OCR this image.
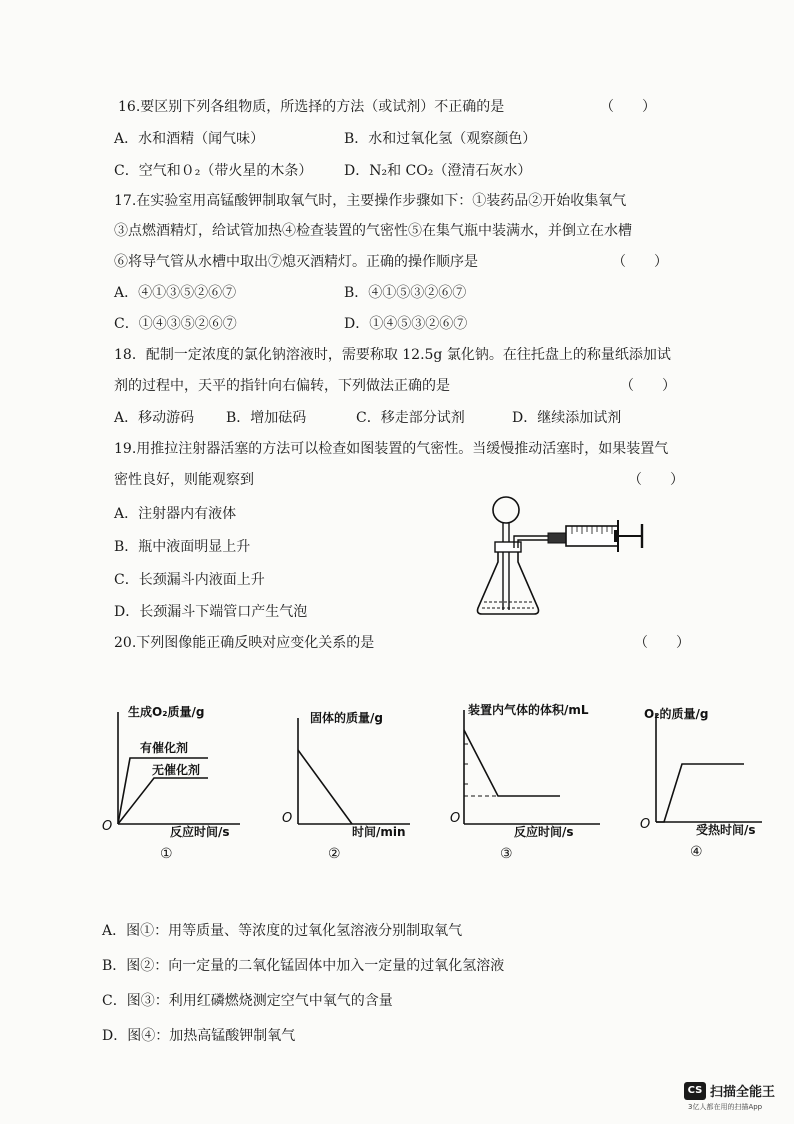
16.要区别下列各组物质，所选择的方法（或试剂）不正确的是	（　　）
A．水和酒精（闻气味）	B．水和过氧化氢（观察颜色）
C．空气和０₂（带火星的木条） D．N₂和 CO₂（澄清石灰水）
17.在实验室用高锰酸钾制取氧气时，主要操作步骤如下：①装药品②开始收集氧气
③点燃酒精灯，给试管加热④检查装置的气密性⑤在集气瓶中装满水，并倒立在水槽
⑥将导气管从水槽中取出⑦熄灭酒精灯。正确的操作顺序是	（　　）
A．④①③⑤②⑥⑦	B．④①⑤③②⑥⑦
C．①④③⑤②⑥⑦	D．①④⑤③②⑥⑦
18．配制一定浓度的氯化钠溶液时，需要称取 12.5g 氯化钠。在往托盘上的称量纸添加试
剂的过程中，天平的指针向右偏转，下列做法正确的是	（　　）
A．移动游码 B．增加砝码	C．移走部分试剂	D．继续添加试剂
19.用推拉注射器活塞的方法可以检查如图装置的气密性。当缓慢推动活塞时，如果装置气
密性良好，则能观察到	（　　）
A．注射器内有液体
B．瓶中液面明显上升
C．长颈漏斗内液面上升
D．长颈漏斗下端管口产生气泡
20.下列图像能正确反映对应变化关系的是	（　　）
生成O₂质量/g
有催化剂
无催化剂
O	反应时间/s
①
固体的质量/g
O
时间/min
②
装置内气体的体积/mL
O
反应时间/s
③
O₂的质量/g
O	受热时间/s
④
A．图①：用等质量、等浓度的过氧化氢溶液分别制取氧气
B．图②：向一定量的二氧化锰固体中加入一定量的过氧化氢溶液
C．图③：利用红磷燃烧测定空气中氧气的含量
D．图④：加热高锰酸钾制氧气
CS 扫描全能王
3亿人都在用的扫描App
